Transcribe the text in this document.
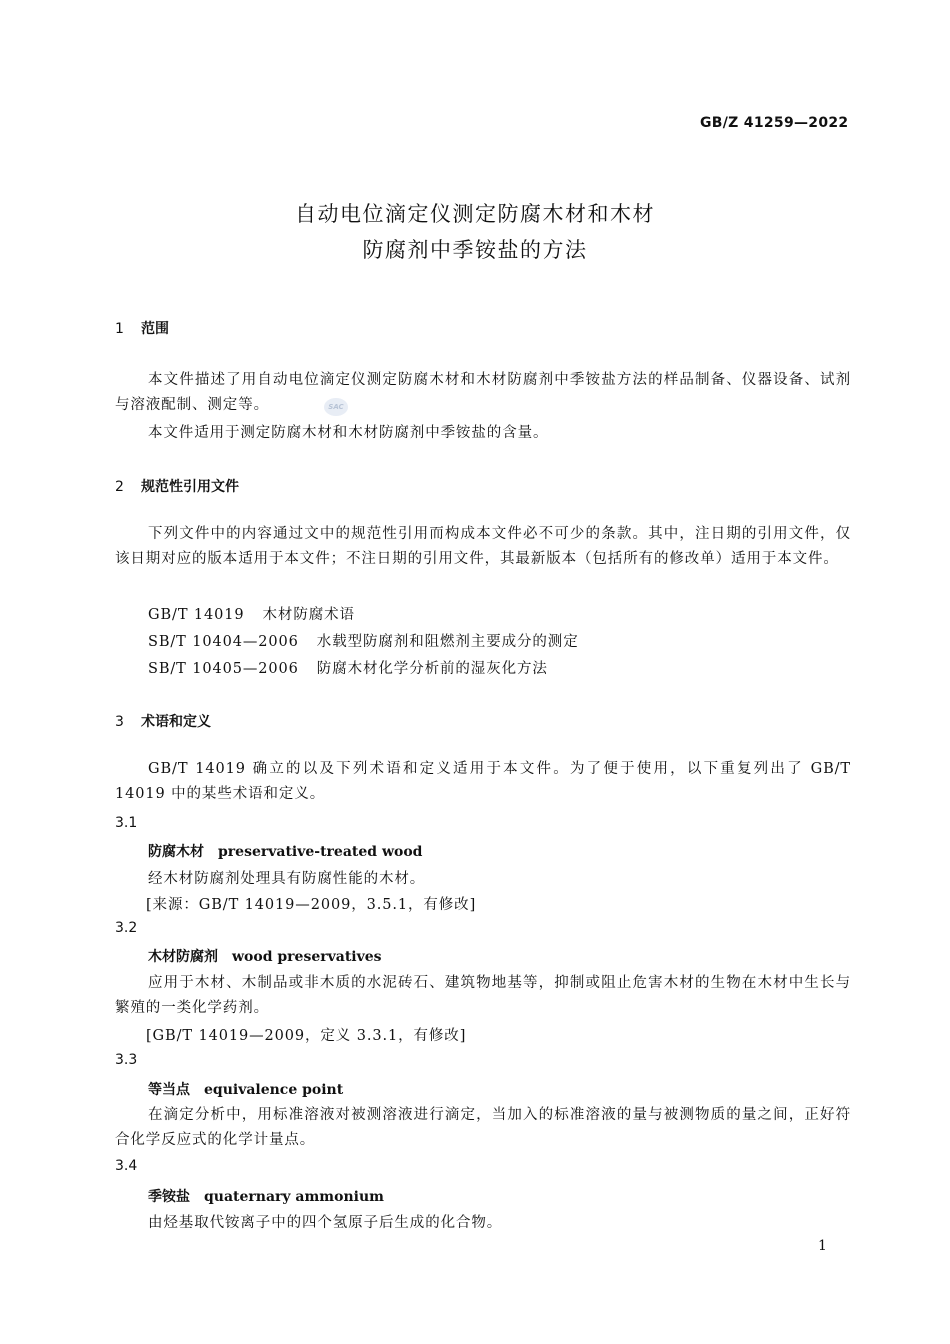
GB/Z 41259—2022
自动电位滴定仪测定防腐木材和木材
防腐剂中季铵盐的方法
SAC
1 范围
本文件描述了用自动电位滴定仪测定防腐木材和木材防腐剂中季铵盐方法的样品制备、仪器设备、试剂与溶液配制、测定等。
本文件适用于测定防腐木材和木材防腐剂中季铵盐的含量。
2 规范性引用文件
下列文件中的内容通过文中的规范性引用而构成本文件必不可少的条款。其中，注日期的引用文件，仅该日期对应的版本适用于本文件；不注日期的引用文件，其最新版本（包括所有的修改单）适用于本文件。
GB/T 14019 木材防腐术语
SB/T 10404—2006 水载型防腐剂和阻燃剂主要成分的测定
SB/T 10405—2006 防腐木材化学分析前的湿灰化方法
3 术语和定义
GB/T 14019 确立的以及下列术语和定义适用于本文件。为了便于使用，以下重复列出了 GB/T 14019 中的某些术语和定义。
3.1
防腐木材 preservative-treated wood
经木材防腐剂处理具有防腐性能的木材。
[来源：GB/T 14019—2009，3.5.1，有修改]
3.2
木材防腐剂 wood preservatives
应用于木材、木制品或非木质的水泥砖石、建筑物地基等，抑制或阻止危害木材的生物在木材中生长与繁殖的一类化学药剂。
[GB/T 14019—2009，定义 3.3.1，有修改]
3.3
等当点 equivalence point
在滴定分析中，用标准溶液对被测溶液进行滴定，当加入的标准溶液的量与被测物质的量之间，正好符合化学反应式的化学计量点。
3.4
季铵盐 quaternary ammonium
由烃基取代铵离子中的四个氢原子后生成的化合物。
1
